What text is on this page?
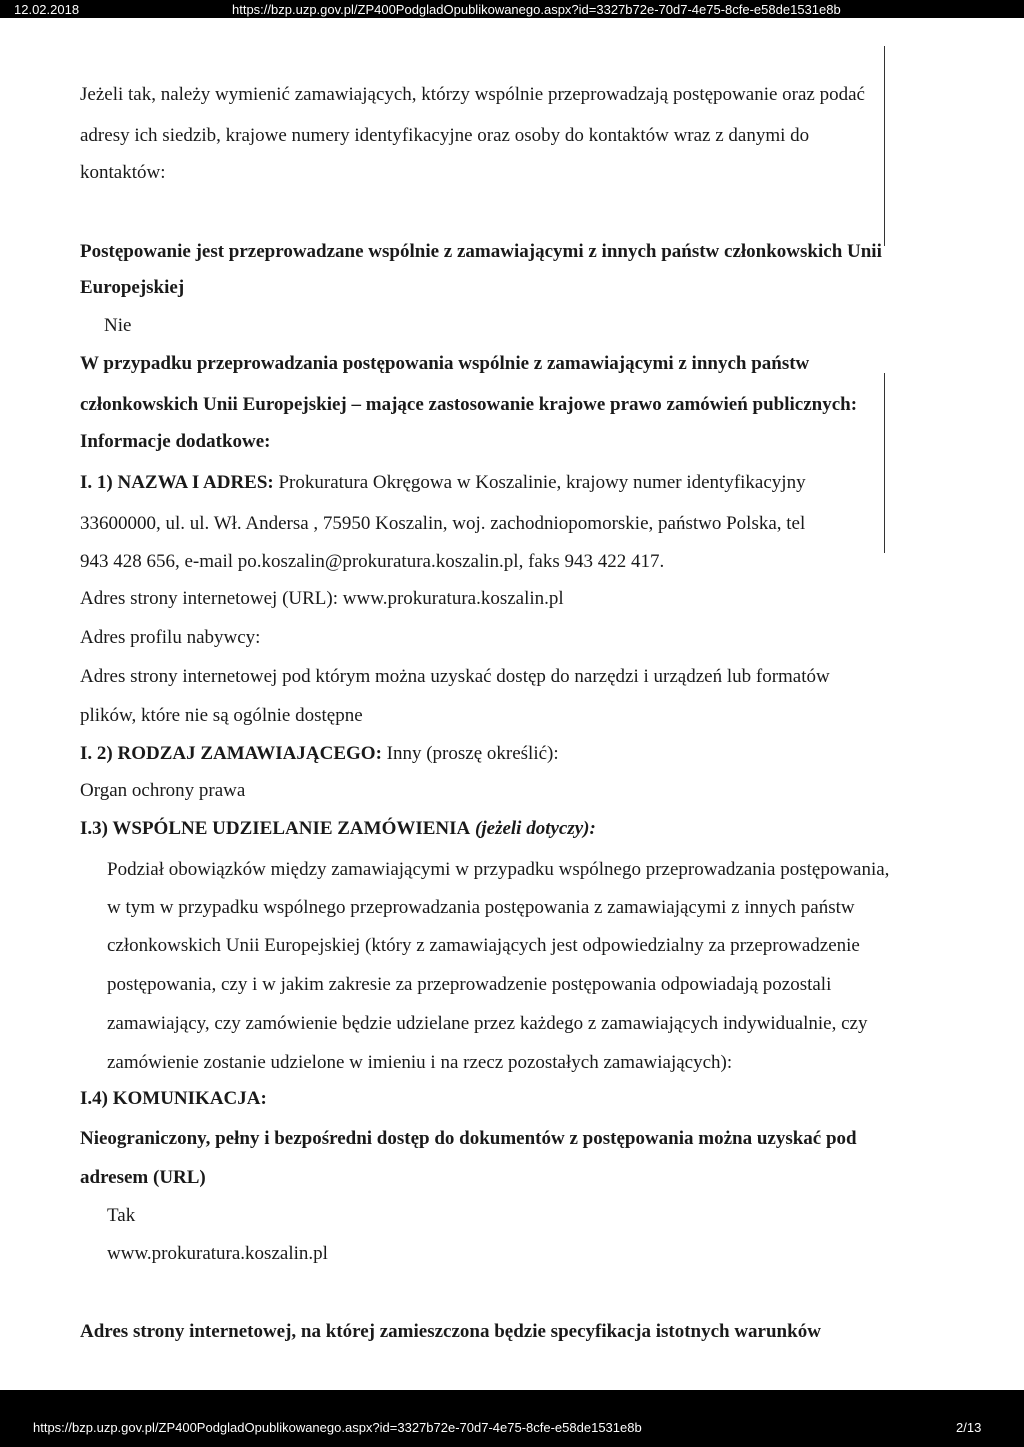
12.02.2018	https://bzp.uzp.gov.pl/ZP400PodgladOpublikowanego.aspx?id=3327b72e-70d7-4e75-8cfe-e58de1531e8b
Jeżeli tak, należy wymienić zamawiających, którzy wspólnie przeprowadzają postępowanie oraz podać
adresy ich siedzib, krajowe numery identyfikacyjne oraz osoby do kontaktów wraz z danymi do
kontaktów:
Postępowanie jest przeprowadzane wspólnie z zamawiającymi z innych państw członkowskich Unii
Europejskiej
Nie
W przypadku przeprowadzania postępowania wspólnie z zamawiającymi z innych państw
członkowskich Unii Europejskiej – mające zastosowanie krajowe prawo zamówień publicznych:
Informacje dodatkowe:
I. 1) NAZWA I ADRES: Prokuratura Okręgowa w Koszalinie, krajowy numer identyfikacyjny
33600000, ul. ul. Wł. Andersa , 75950 Koszalin, woj. zachodniopomorskie, państwo Polska, tel
943 428 656, e-mail po.koszalin@prokuratura.koszalin.pl, faks 943 422 417.
Adres strony internetowej (URL): www.prokuratura.koszalin.pl
Adres profilu nabywcy:
Adres strony internetowej pod którym można uzyskać dostęp do narzędzi i urządzeń lub formatów
plików, które nie są ogólnie dostępne
I. 2) RODZAJ ZAMAWIAJĄCEGO: Inny (proszę określić):
Organ ochrony prawa
I.3) WSPÓLNE UDZIELANIE ZAMÓWIENIA (jeżeli dotyczy):
Podział obowiązków między zamawiającymi w przypadku wspólnego przeprowadzania postępowania,
w tym w przypadku wspólnego przeprowadzania postępowania z zamawiającymi z innych państw
członkowskich Unii Europejskiej (który z zamawiających jest odpowiedzialny za przeprowadzenie
postępowania, czy i w jakim zakresie za przeprowadzenie postępowania odpowiadają pozostali
zamawiający, czy zamówienie będzie udzielane przez każdego z zamawiających indywidualnie, czy
zamówienie zostanie udzielone w imieniu i na rzecz pozostałych zamawiających):
I.4) KOMUNIKACJA:
Nieograniczony, pełny i bezpośredni dostęp do dokumentów z postępowania można uzyskać pod
adresem (URL)
Tak
www.prokuratura.koszalin.pl
Adres strony internetowej, na której zamieszczona będzie specyfikacja istotnych warunków
https://bzp.uzp.gov.pl/ZP400PodgladOpublikowanego.aspx?id=3327b72e-70d7-4e75-8cfe-e58de1531e8b	2/13
